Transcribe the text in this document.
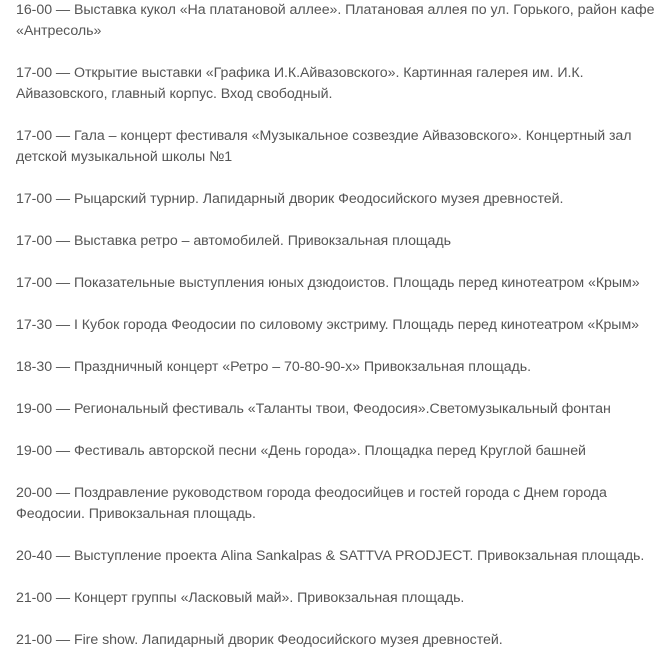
16-00 — Выставка кукол «На платановой аллее». Платановая аллея по ул. Горького, район кафе
«Антресоль»

17-00 — Открытие выставки «Графика И.К.Айвазовского». Картинная галерея им. И.К.
Айвазовского, главный корпус. Вход свободный.

17-00 — Гала – концерт фестиваля «Музыкальное созвездие Айвазовского». Концертный зал
детской музыкальной школы №1

17-00 — Рыцарский турнир. Лапидарный дворик Феодосийского музея древностей.

17-00 — Выставка ретро – автомобилей. Привокзальная площадь

17-00 — Показательные выступления юных дзюдоистов. Площадь перед кинотеатром «Крым»

17-30 — I Кубок города Феодосии по силовому экстриму. Площадь перед кинотеатром «Крым»

18-30 — Праздничный концерт «Ретро – 70-80-90-х» Привокзальная площадь.

19-00 — Региональный фестиваль «Таланты твои, Феодосия».Светомузыкальный фонтан

19-00 — Фестиваль авторской песни «День города». Площадка перед Круглой башней

20-00 — Поздравление руководством города феодосийцев и гостей города с Днем города
Феодосии. Привокзальная площадь.

20-40 — Выступление проекта Alina Sankalpas & SATTVA PRODJECT. Привокзальная площадь.

21-00 — Концерт группы «Ласковый май». Привокзальная площадь.

21-00 — Fire show. Лапидарный дворик Феодосийского музея древностей.
